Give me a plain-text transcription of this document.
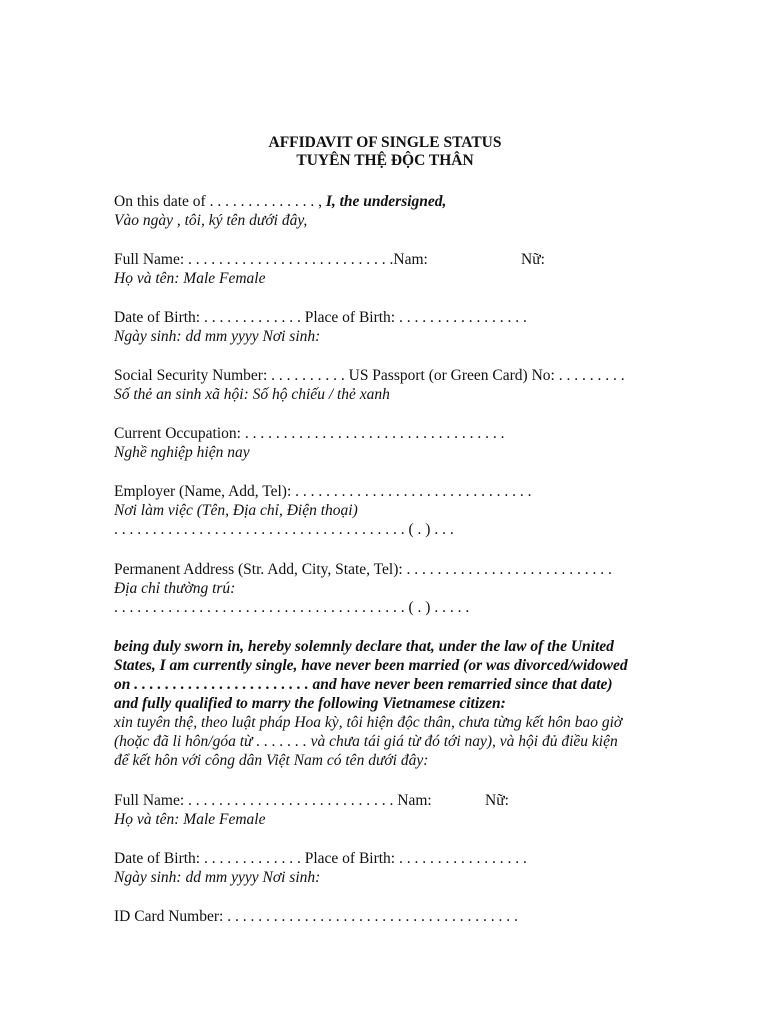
AFFIDAVIT OF SINGLE STATUS
TUYÊN THỆ ĐỘC THÂN
On this date of . . . . . . . . . . . . . . , I, the undersigned,
Vào ngày , tôi, ký tên dưới đây,
Full Name: . . . . . . . . . . . . . . . . . . . . . . . . . . .Nam:	Nữ:
Họ và tên: Male Female
Date of Birth: . . . . . . . . . . . . . Place of Birth: . . . . . . . . . . . . . . . . .
Ngày sinh: dd mm yyyy Nơi sinh:
Social Security Number: . . . . . . . . . . US Passport (or Green Card) No: . . . . . . . . .
Số thẻ an sinh xã hội: Số hộ chiếu / thẻ xanh
Current Occupation: . . . . . . . . . . . . . . . . . . . . . . . . . . . . . . . . . .
Nghề nghiệp hiện nay
Employer (Name, Add, Tel): . . . . . . . . . . . . . . . . . . . . . . . . . . . . . . .
Nơi làm việc (Tên, Địa chỉ, Điện thoại)
. . . . . . . . . . . . . . . . . . . . . . . . . . . . . . . . . . . . . . ( . ) . . .
Permanent Address (Str. Add, City, State, Tel): . . . . . . . . . . . . . . . . . . . . . . . . . . .
Địa chỉ thường trú:
. . . . . . . . . . . . . . . . . . . . . . . . . . . . . . . . . . . . . . ( . ) . . . . .
being duly sworn in, hereby solemnly declare that, under the law of the United
States, I am currently single, have never been married (or was divorced/widowed
on . . . . . . . . . . . . . . . . . . . . . . . and have never been remarried since that date)
and fully qualified to marry the following Vietnamese citizen:
xin tuyên thệ, theo luật pháp Hoa kỳ, tôi hiện độc thân, chưa từng kết hôn bao giờ
(hoặc đã li hôn/góa từ . . . . . . . và chưa tái giá từ đó tới nay), và hội đủ điều kiện
để kết hôn với công dân Việt Nam có tên dưới đây:
Full Name: . . . . . . . . . . . . . . . . . . . . . . . . . . . Nam:	Nữ:
Họ và tên: Male Female
Date of Birth: . . . . . . . . . . . . . Place of Birth: . . . . . . . . . . . . . . . . .
Ngày sinh: dd mm yyyy Nơi sinh:
ID Card Number: . . . . . . . . . . . . . . . . . . . . . . . . . . . . . . . . . . . . . .
